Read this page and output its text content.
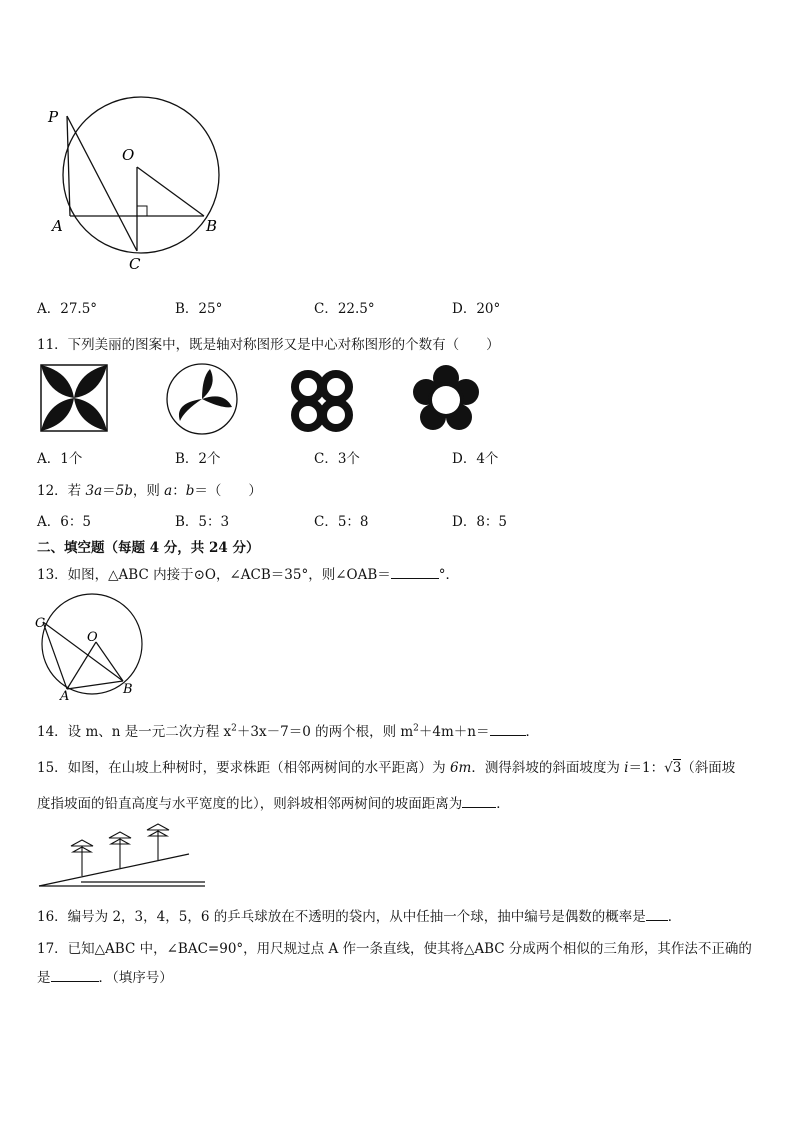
P
O
A	B
C
A．27.5°	B．25°	C．22.5°	D．20°
11．下列美丽的图案中，既是轴对称图形又是中心对称图形的个数有（　　）
A．1个	B．2个	C．3个	D．4个
12．若 3a＝5b，则 a：b＝（　　）
A．6：5	B．5：3	C．5：8	D．8：5
二、填空题（每题 4 分，共 24 分）
13．如图，△ABC 内接于⊙O，∠ACB＝35°，则∠OAB＝	°．
C
O
A	B
14．设 m、n 是一元二次方程 $x^2+3x-7=0$ 的两个根，则 $m^2+4m+n=$	．
15．如图，在山坡上种树时，要求株距（相邻两树间的水平距离）为 6m．测得斜坡的斜面坡度为 i＝1：√3（斜面坡
度指坡面的铅直高度与水平宽度的比），则斜坡相邻两树间的坡面距离为	．
16．编号为 2，3，4，5，6 的乒乓球放在不透明的袋内，从中任抽一个球，抽中编号是偶数的概率是 ．
17．已知△ABC 中，∠BAC=90°，用尺规过点 A 作一条直线，使其将△ABC 分成两个相似的三角形，其作法不正确的
是	．（填序号）
